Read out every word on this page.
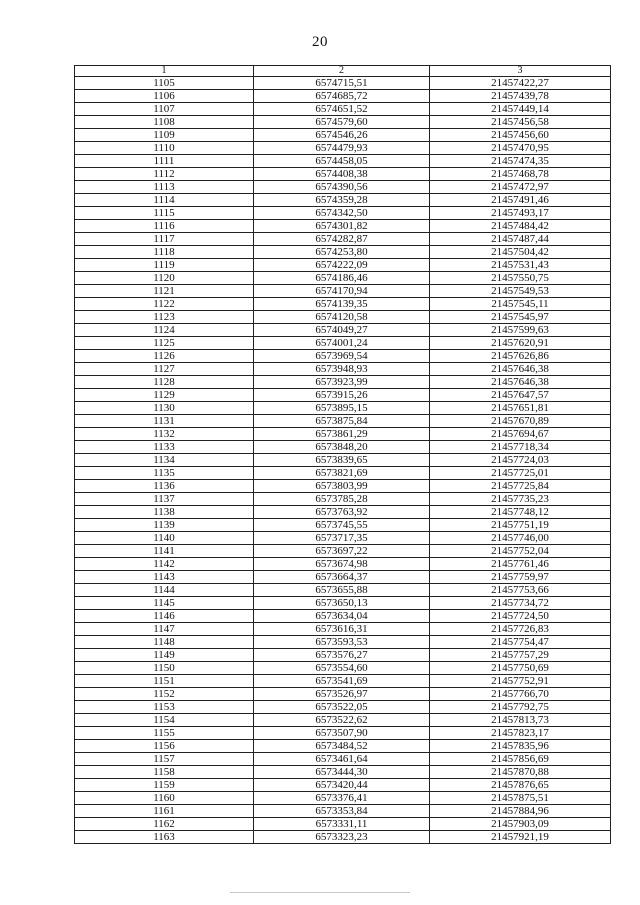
20
1	2	3
1105	6574715,51	21457422,27
1106	6574685,72	21457439,78
1107	6574651,52	21457449,14
1108	6574579,60	21457456,58
1109	6574546,26	21457456,60
1110	6574479,93	21457470,95
1111	6574458,05	21457474,35
1112	6574408,38	21457468,78
1113	6574390,56	21457472,97
1114	6574359,28	21457491,46
1115	6574342,50	21457493,17
1116	6574301,82	21457484,42
1117	6574282,87	21457487,44
1118	6574253,80	21457504,42
1119	6574222,09	21457531,43
1120	6574186,46	21457550,75
1121	6574170,94	21457549,53
1122	6574139,35	21457545,11
1123	6574120,58	21457545,97
1124	6574049,27	21457599,63
1125	6574001,24	21457620,91
1126	6573969,54	21457626,86
1127	6573948,93	21457646,38
1128	6573923,99	21457646,38
1129	6573915,26	21457647,57
1130	6573895,15	21457651,81
1131	6573875,84	21457670,89
1132	6573861,29	21457694,67
1133	6573848,20	21457718,34
1134	6573839,65	21457724,03
1135	6573821,69	21457725,01
1136	6573803,99	21457725,84
1137	6573785,28	21457735,23
1138	6573763,92	21457748,12
1139	6573745,55	21457751,19
1140	6573717,35	21457746,00
1141	6573697,22	21457752,04
1142	6573674,98	21457761,46
1143	6573664,37	21457759,97
1144	6573655,88	21457753,66
1145	6573650,13	21457734,72
1146	6573634,04	21457724,50
1147	6573616,31	21457726,83
1148	6573593,53	21457754,47
1149	6573576,27	21457757,29
1150	6573554,60	21457750,69
1151	6573541,69	21457752,91
1152	6573526,97	21457766,70
1153	6573522,05	21457792,75
1154	6573522,62	21457813,73
1155	6573507,90	21457823,17
1156	6573484,52	21457835,96
1157	6573461,64	21457856,69
1158	6573444,30	21457870,88
1159	6573420,44	21457876,65
1160	6573376,41	21457875,51
1161	6573353,84	21457884,96
1162	6573331,11	21457903,09
1163	6573323,23	21457921,19
